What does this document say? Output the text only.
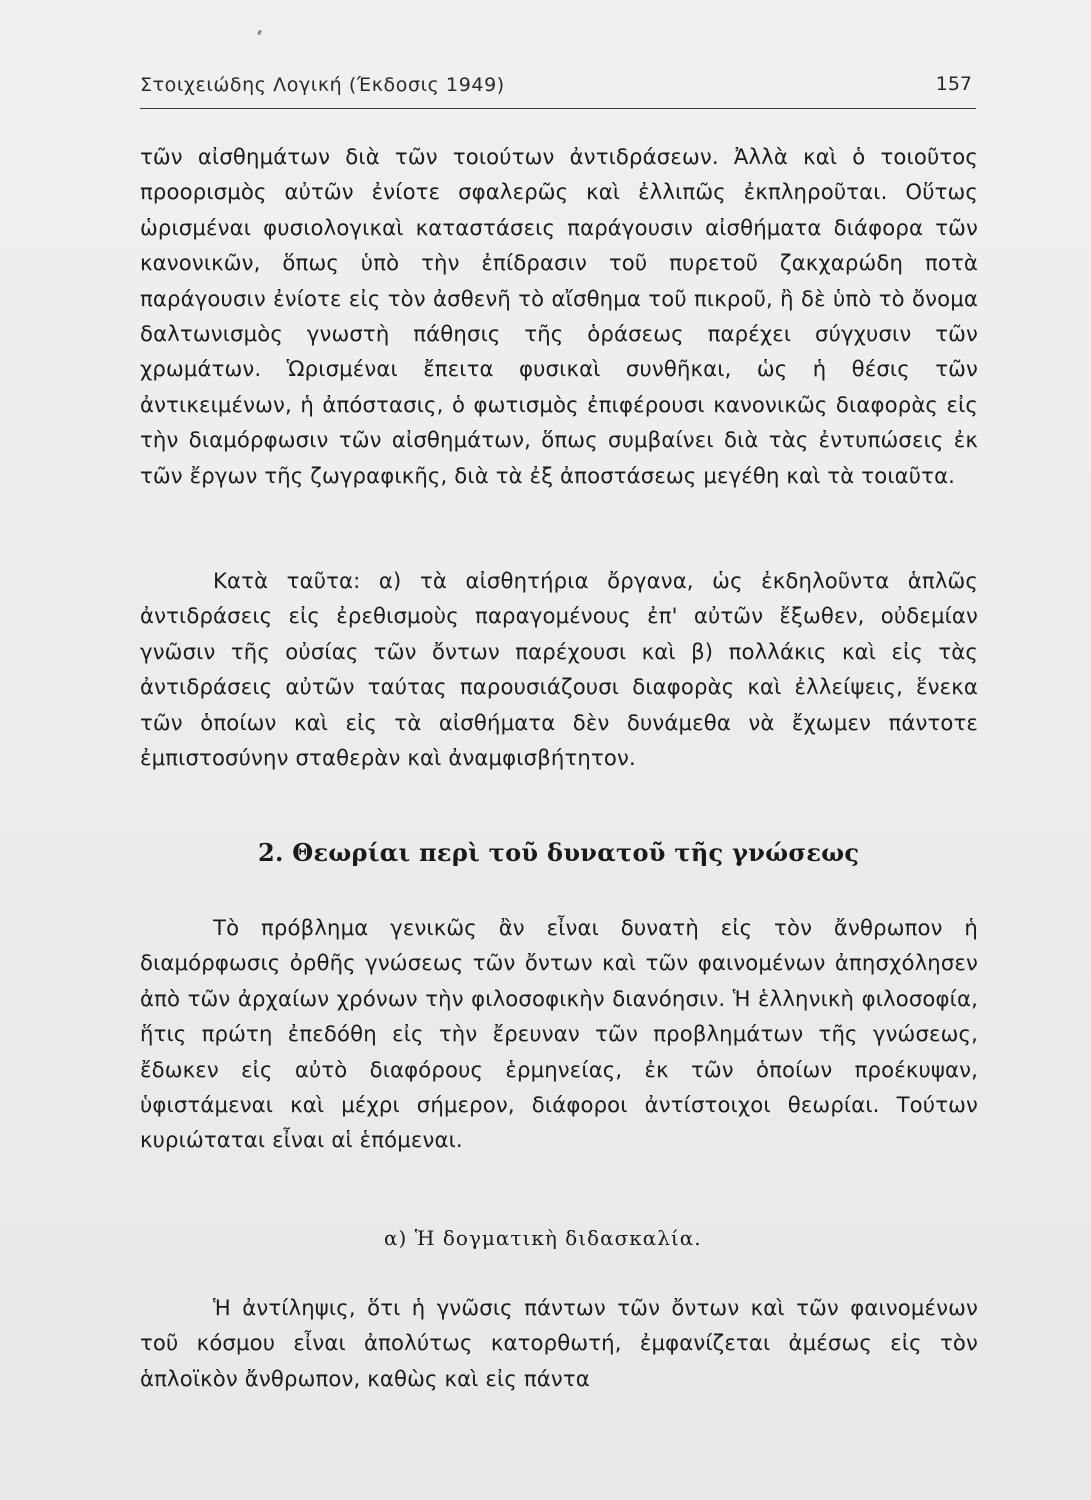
Στοιχειώδης Λογική (Έκδοσις 1949)	157

τῶν αἰσθημάτων διὰ τῶν τοιούτων ἀντιδράσεων. Ἀλλὰ καὶ ὁ τοιοῦτος προορισμὸς αὐτῶν ἐνίοτε σφαλερῶς καὶ ἐλλιπῶς ἐκπληροῦται. Οὕτως ὡρισμέναι φυσιολογικαὶ καταστάσεις παράγουσιν αἰσθήματα διάφορα τῶν κανονικῶν, ὅπως ὑπὸ τὴν ἐπίδρασιν τοῦ πυρετοῦ ζακχαρώδη ποτὰ παράγουσιν ἐνίοτε εἰς τὸν ἀσθενῆ τὸ αἴσθημα τοῦ πικροῦ, ἢ δὲ ὑπὸ τὸ ὄνομα δαλτωνισμὸς γνωστὴ πάθησις τῆς ὁράσεως παρέχει σύγχυσιν τῶν χρωμάτων. Ὡρισμέναι ἔπειτα φυσικαὶ συνθῆκαι, ὡς ἡ θέσις τῶν ἀντικειμένων, ἡ ἀπόστασις, ὁ φωτισμὸς ἐπιφέρουσι κανονικῶς διαφορὰς εἰς τὴν διαμόρφωσιν τῶν αἰσθημάτων, ὅπως συμβαίνει διὰ τὰς ἐντυπώσεις ἐκ τῶν ἔργων τῆς ζωγραφικῆς, διὰ τὰ ἐξ ἀποστάσεως μεγέθη καὶ τὰ τοιαῦτα.

Κατὰ ταῦτα: α) τὰ αἰσθητήρια ὄργανα, ὡς ἐκδηλοῦντα ἁπλῶς ἀντιδράσεις εἰς ἐρεθισμοὺς παραγομένους ἐπ' αὐτῶν ἔξωθεν, οὐδεμίαν γνῶσιν τῆς οὐσίας τῶν ὄντων παρέχουσι καὶ β) πολλάκις καὶ εἰς τὰς ἀντιδράσεις αὐτῶν ταύτας παρουσιάζουσι διαφορὰς καὶ ἐλλείψεις, ἕνεκα τῶν ὁποίων καὶ εἰς τὰ αἰσθήματα δὲν δυνάμεθα νὰ ἔχωμεν πάντοτε ἐμπιστοσύνην σταθερὰν καὶ ἀναμφισβήτητον.

2. Θεωρίαι περὶ τοῦ δυνατοῦ τῆς γνώσεως

Τὸ πρόβλημα γενικῶς ἂν εἶναι δυνατὴ εἰς τὸν ἄνθρωπον ἡ διαμόρφωσις ὀρθῆς γνώσεως τῶν ὄντων καὶ τῶν φαινομένων ἀπησχόλησεν ἀπὸ τῶν ἀρχαίων χρόνων τὴν φιλοσοφικὴν διανόησιν. Ἡ ἑλληνικὴ φιλοσοφία, ἥτις πρώτη ἐπεδόθη εἰς τὴν ἔρευναν τῶν προβλημάτων τῆς γνώσεως, ἔδωκεν εἰς αὐτὸ διαφόρους ἑρμηνείας, ἐκ τῶν ὁποίων προέκυψαν, ὑφιστάμεναι καὶ μέχρι σήμερον, διάφοροι ἀντίστοιχοι θεωρίαι. Τούτων κυριώταται εἶναι αἱ ἑπόμεναι.

α) Ἡ δογματικὴ διδασκαλία.

Ἡ ἀντίληψις, ὅτι ἡ γνῶσις πάντων τῶν ὄντων καὶ τῶν φαινομένων τοῦ κόσμου εἶναι ἀπολύτως κατορθωτή, ἐμφανίζεται ἀμέσως εἰς τὸν ἁπλοϊκὸν ἄνθρωπον, καθὼς καὶ εἰς πάντα
